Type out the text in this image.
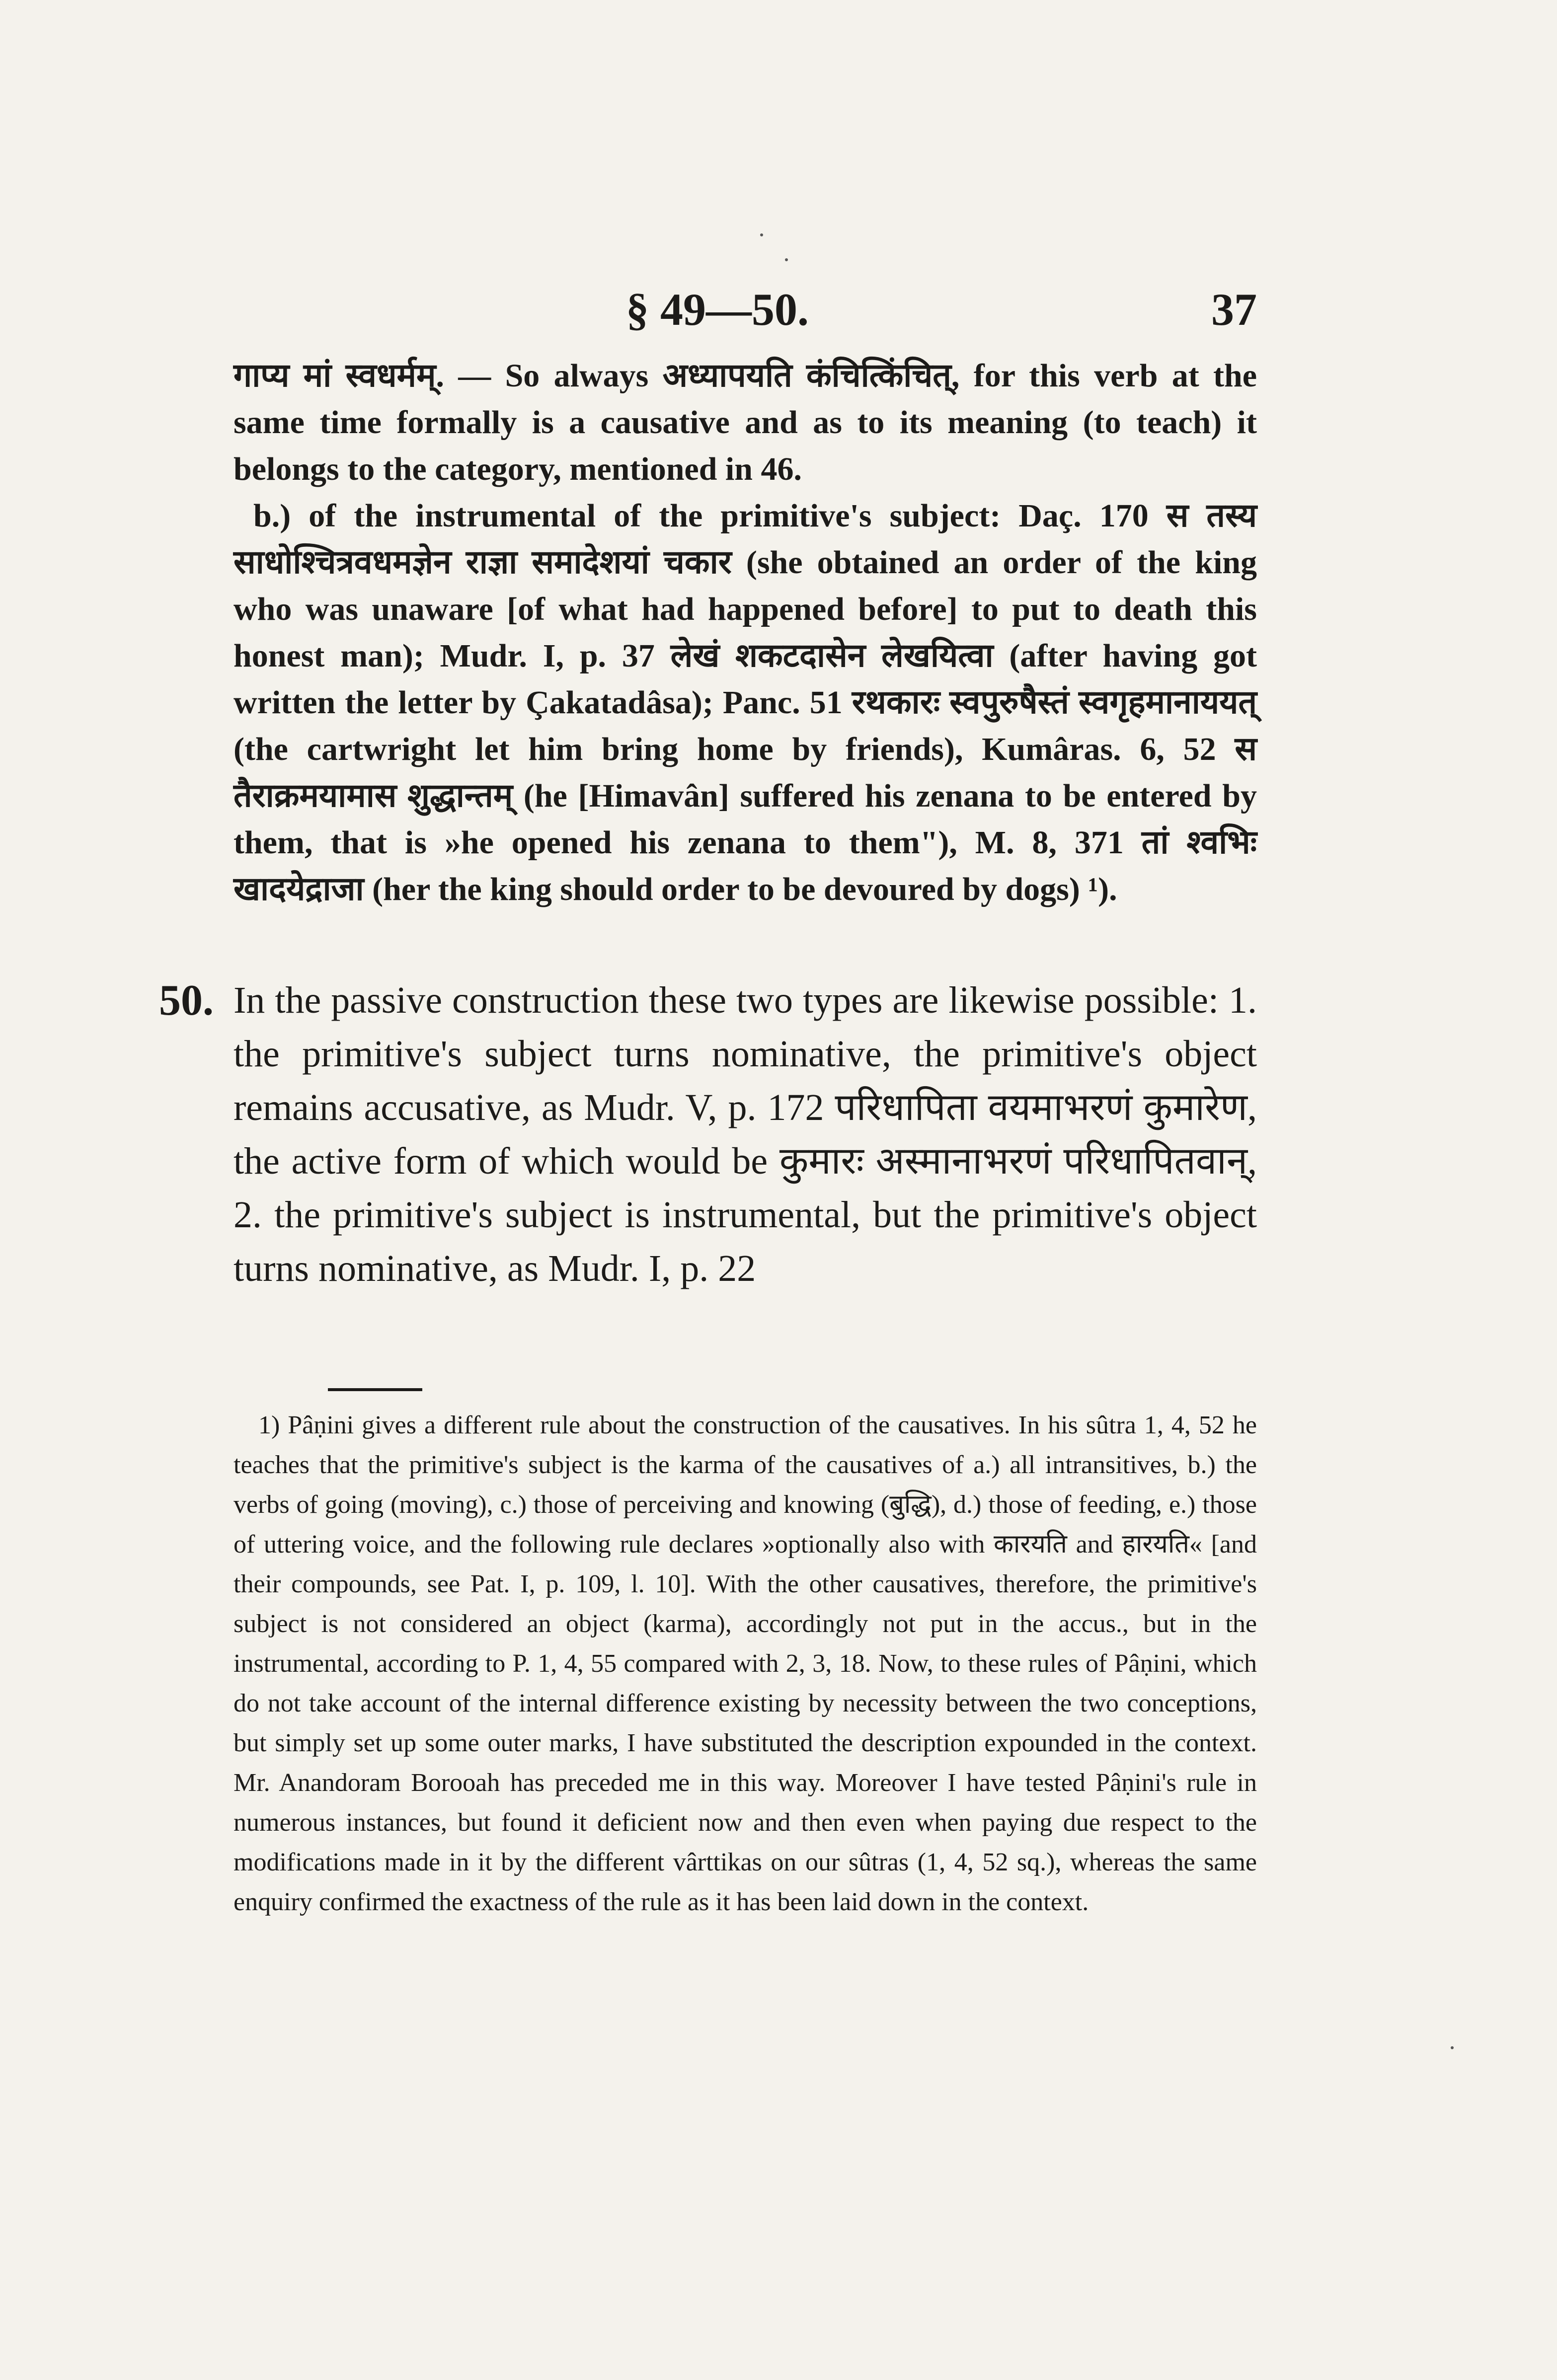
§ 49—50.	37

गाप्य मां स्वधर्मम्. — So always अध्यापयति कंचित्किंचित्, for this verb at the same time formally is a causative and as to its meaning (to teach) it belongs to the category, mentioned in 46.

b.) of the instrumental of the primitive's subject: Daç. 170 स तस्य साधोश्चित्रवधमज्ञेन राज्ञा समादेशयां चकार (she obtained an order of the king who was unaware [of what had happened before] to put to death this honest man); Mudr. I, p. 37 लेखं शकटदासेन लेखयित्वा (after having got written the letter by Çakatadâsa); Panc. 51 रथकारः स्वपुरुषैस्तं स्वगृहमानाययत् (the cartwright let him bring home by friends), Kumâras. 6, 52 स तैराक्रमयामास शुद्धान्तम् (he [Himavân] suffered his zenana to be entered by them, that is »he opened his zenana to them"), M. 8, 371 तां श्वभिः खादयेद्राजा (her the king should order to be devoured by dogs) ¹).

50. In the passive construction these two types are likewise possible: 1. the primitive's subject turns nominative, the primitive's object remains accusative, as Mudr. V, p. 172 परिधापिता वयमाभरणं कुमारेण, the active form of which would be कुमारः अस्मानाभरणं परिधापितवान्, 2. the primitive's subject is instrumental, but the primitive's object turns nominative, as Mudr. I, p. 22

1) Pâṇini gives a different rule about the construction of the causatives. In his sûtra 1, 4, 52 he teaches that the primitive's subject is the karma of the causatives of a.) all intransitives, b.) the verbs of going (moving), c.) those of perceiving and knowing (बुद्धि), d.) those of feeding, e.) those of uttering voice, and the following rule declares »optionally also with कारयति and हारयति« [and their compounds, see Pat. I, p. 109, l. 10]. With the other causatives, therefore, the primitive's subject is not considered an object (karma), accordingly not put in the accus., but in the instrumental, according to P. 1, 4, 55 compared with 2, 3, 18. Now, to these rules of Pâṇini, which do not take account of the internal difference existing by necessity between the two conceptions, but simply set up some outer marks, I have substituted the description expounded in the context. Mr. Anandoram Borooah has preceded me in this way. Moreover I have tested Pâṇini's rule in numerous instances, but found it deficient now and then even when paying due respect to the modifications made in it by the different vârttikas on our sûtras (1, 4, 52 sq.), whereas the same enquiry confirmed the exactness of the rule as it has been laid down in the context.
